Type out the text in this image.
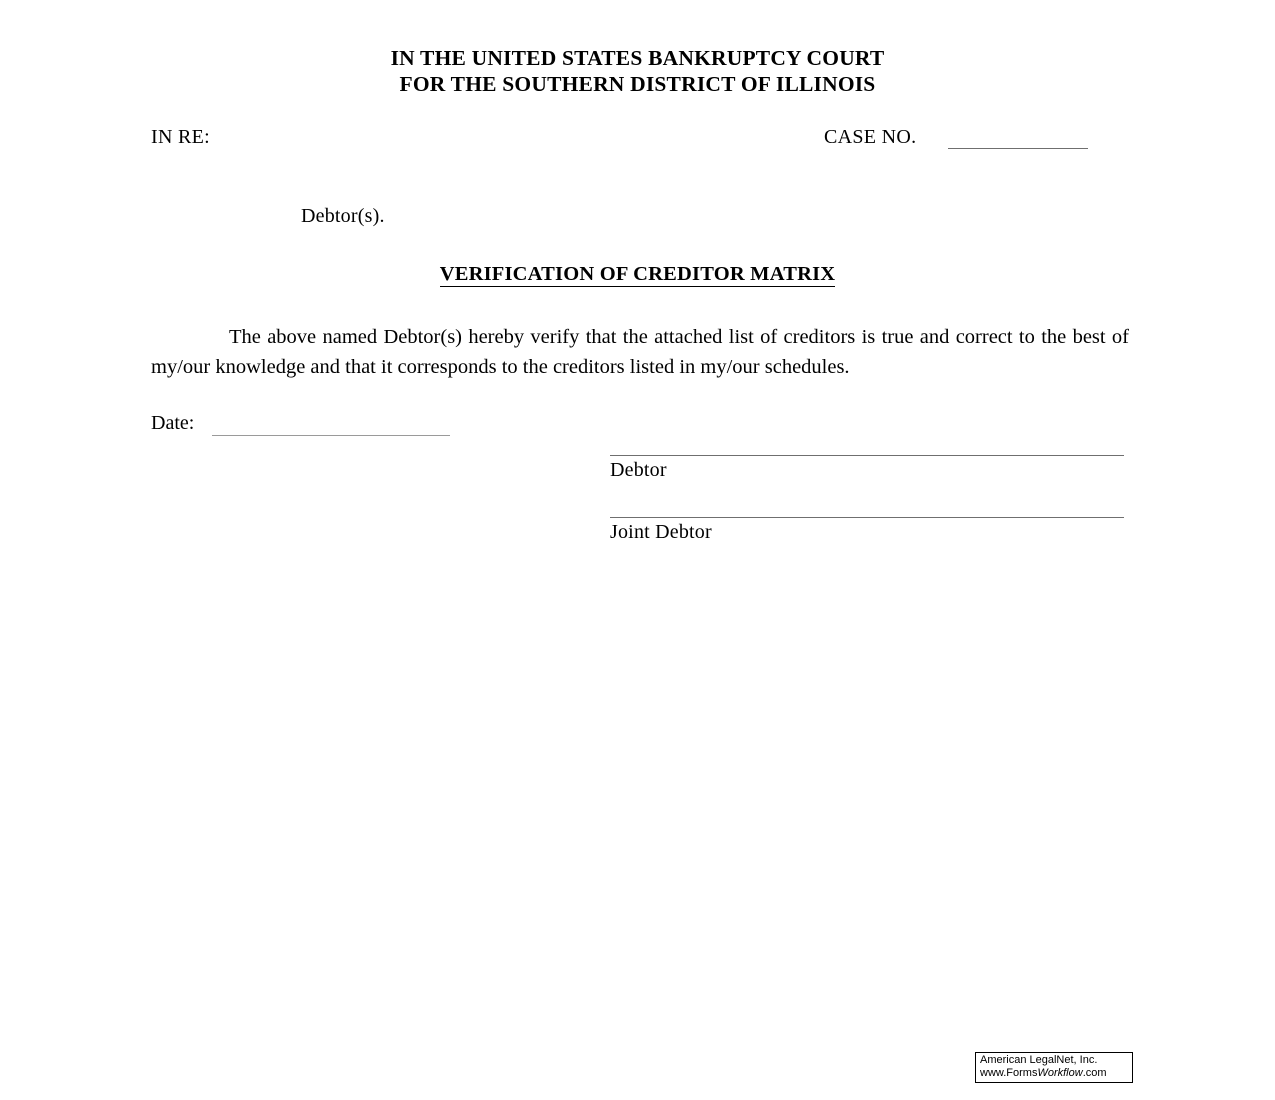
IN THE UNITED STATES BANKRUPTCY COURT
FOR THE SOUTHERN DISTRICT OF ILLINOIS
IN RE:	CASE NO.
Debtor(s).
VERIFICATION OF CREDITOR MATRIX
The above named Debtor(s) hereby verify that the attached list of creditors is true and correct to the best of my/our knowledge and that it corresponds to the creditors listed in my/our schedules.
Date:
Debtor
Joint Debtor
American LegalNet, Inc.
www.FormsWorkflow.com
